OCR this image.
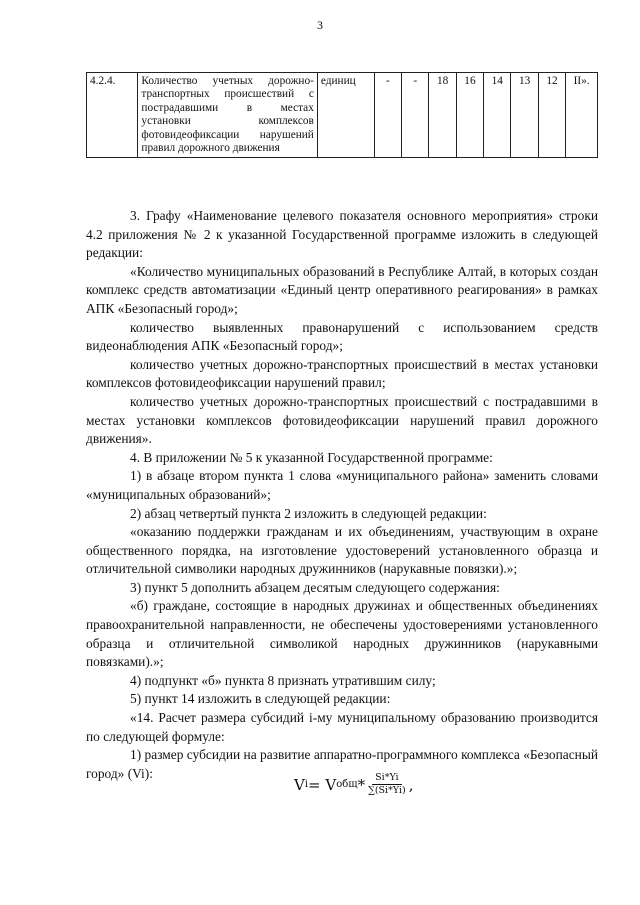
3
4.2.4.	Количество учетных дорожно-транспортных происшествий с пострадавшими в местах установки комплексов фотовидеофиксации нарушений правил дорожного движения	единиц	-	-	18	16	14	13	12	II».

3. Графу «Наименование целевого показателя основного мероприятия» строки 4.2 приложения № 2 к указанной Государственной программе изложить в следующей редакции:

«Количество муниципальных образований в Республике Алтай, в которых создан комплекс средств автоматизации «Единый центр оперативного реагирования» в рамках АПК «Безопасный город»;

количество выявленных правонарушений с использованием средств видеонаблюдения АПК «Безопасный город»;

количество учетных дорожно-транспортных происшествий в местах установки комплексов фотовидеофиксации нарушений правил;

количество учетных дорожно-транспортных происшествий с пострадавшими в местах установки комплексов фотовидеофиксации нарушений правил дорожного движения».

4. В приложении № 5 к указанной Государственной программе:

1) в абзаце втором пункта 1 слова «муниципального района» заменить словами «муниципальных образований»;

2) абзац четвертый пункта 2 изложить в следующей редакции:

«оказанию поддержки гражданам и их объединениям, участвующим в охране общественного порядка, на изготовление удостоверений установленного образца и отличительной символики народных дружинников (нарукавные повязки).»;

3) пункт 5 дополнить абзацем десятым следующего содержания:

«б) граждане, состоящие в народных дружинах и общественных объединениях правоохранительной направленности, не обеспечены удостоверениями установленного образца и отличительной символикой народных дружинников (нарукавными повязками).»;

4) подпункт «б» пункта 8 признать утратившим силу;

5) пункт 14 изложить в следующей редакции:

«14. Расчет размера субсидий i-му муниципальному образованию производится по следующей формуле:

1) размер субсидии на развитие аппаратно-программного комплекса «Безопасный город» (Vi):

V i = V общ * $\frac{Si*Yi}{\sum(Si*Yi)}$ ,
